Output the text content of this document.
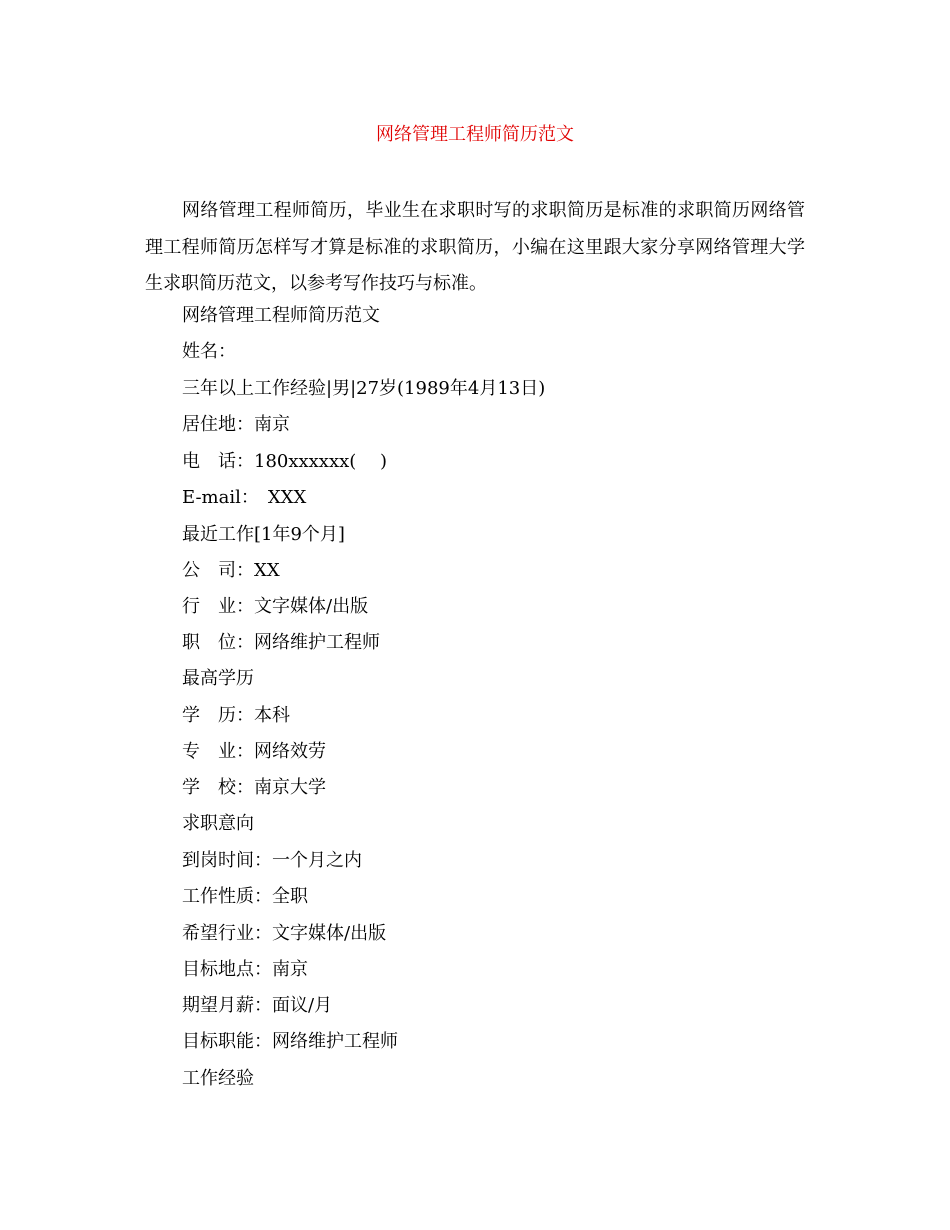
网络管理工程师简历范文

网络管理工程师简历，毕业生在求职时写的求职简历是标准的求职简历网络管理工程师简历怎样写才算是标准的求职简历，小编在这里跟大家分享网络管理大学生求职简历范文，以参考写作技巧与标准。

网络管理工程师简历范文
姓名：
三年以上工作经验|男|27岁(1989年4月13日)
居住地：南京
电　话：180xxxxxx(　 )
E-mail：　XXX
最近工作[1年9个月]
公　司：XX
行　业：文字媒体/出版
职　位：网络维护工程师
最高学历
学　历：本科
专　业：网络效劳
学　校：南京大学
求职意向
到岗时间：一个月之内
工作性质：全职
希望行业：文字媒体/出版
目标地点：南京
期望月薪：面议/月
目标职能：网络维护工程师
工作经验
